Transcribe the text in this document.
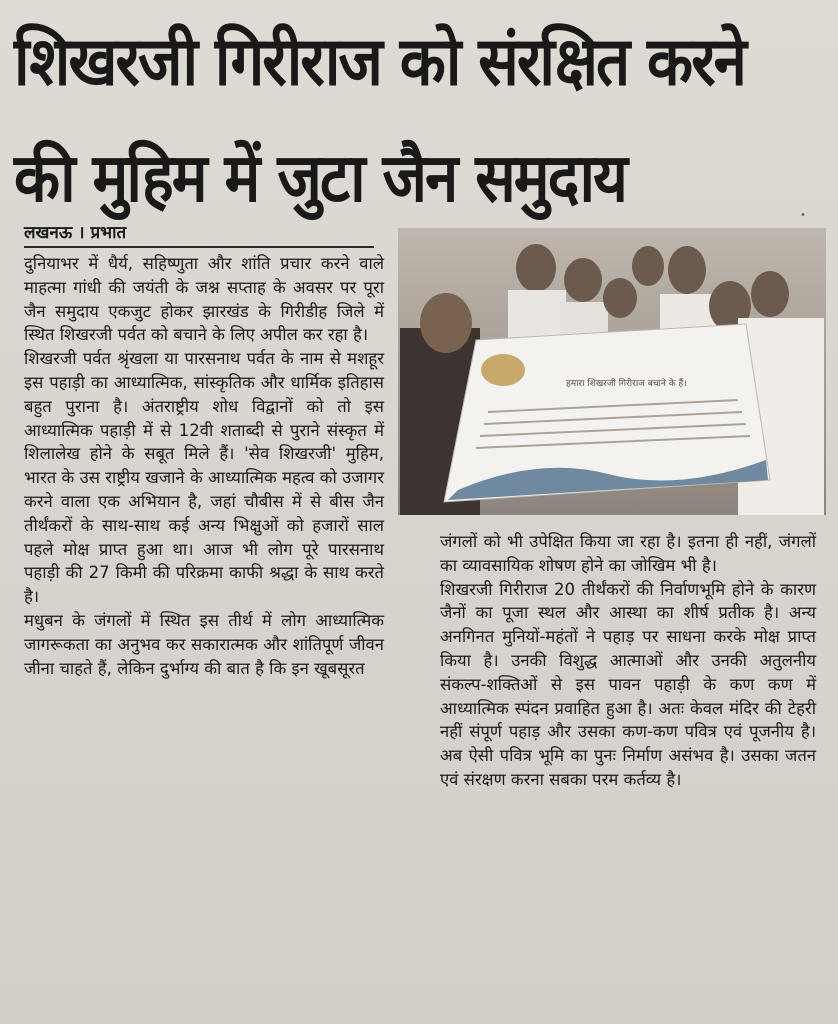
शिखरजी गिरीराज को संरक्षित करने
की मुहिम में जुटा जैन समुदाय	•
लखनऊ । प्रभात

दुनियाभर में धैर्य, सहिष्णुता और शांति प्रचार करने वाले माहत्मा गांधी की जयंती के जश्न सप्ताह के अवसर पर पूरा जैन समुदाय एकजुट होकर झारखंड के गिरीडीह जिले में स्थित शिखरजी पर्वत को बचाने के लिए अपील कर रहा है।

शिखरजी पर्वत श्रृंखला या पारसनाथ पर्वत के नाम से मशहूर इस पहाड़ी का आध्यात्मिक, सांस्कृतिक और धार्मिक इतिहास बहुत पुराना है। अंतराष्ट्रीय शोध विद्वानों को तो इस आध्यात्मिक पहाड़ी में से 12वी शताब्दी से पुराने संस्कृत में शिलालेख होने के सबूत मिले हैं। 'सेव शिखरजी' मुहिम, भारत के उस राष्ट्रीय खजाने के आध्यात्मिक महत्व को उजागर करने वाला एक अभियान है, जहां चौबीस में से बीस जैन तीर्थंकरों के साथ-साथ कई अन्य भिक्षुओं को हजारों साल पहले मोक्ष प्राप्त हुआ था। आज भी लोग पूरे पारसनाथ पहाड़ी की 27 किमी की परिक्रमा काफी श्रद्धा के साथ करते है।

मधुबन के जंगलों में स्थित इस तीर्थ में लोग आध्यात्मिक जागरूकता का अनुभव कर सकारात्मक और शांतिपूर्ण जीवन जीना चाहते हैं, लेकिन दुर्भाग्य की बात है कि इन खूबसूरत

हमारा शिखरजी गिरीराज बचाने के हैं।

जंगलों को भी उपेक्षित किया जा रहा है। इतना ही नहीं, जंगलों का व्यावसायिक शोषण होने का जोखिम भी है।

शिखरजी गिरीराज 20 तीर्थंकरों की निर्वाणभूमि होने के कारण जैनों का पूजा स्थल और आस्था का शीर्ष प्रतीक है। अन्य अनगिनत मुनियों-महंतों ने पहाड़ पर साधना करके मोक्ष प्राप्त किया है। उनकी विशुद्ध आत्माओं और उनकी अतुलनीय संकल्प-शक्तिओं से इस पावन पहाड़ी के कण कण में आध्यात्मिक स्पंदन प्रवाहित हुआ है। अतः केवल मंदिर की टेहरी नहीं संपूर्ण पहाड़ और उसका कण-कण पवित्र एवं पूजनीय है। अब ऐसी पवित्र भूमि का पुनः निर्माण असंभव है। उसका जतन एवं संरक्षण करना सबका परम कर्तव्य है।
